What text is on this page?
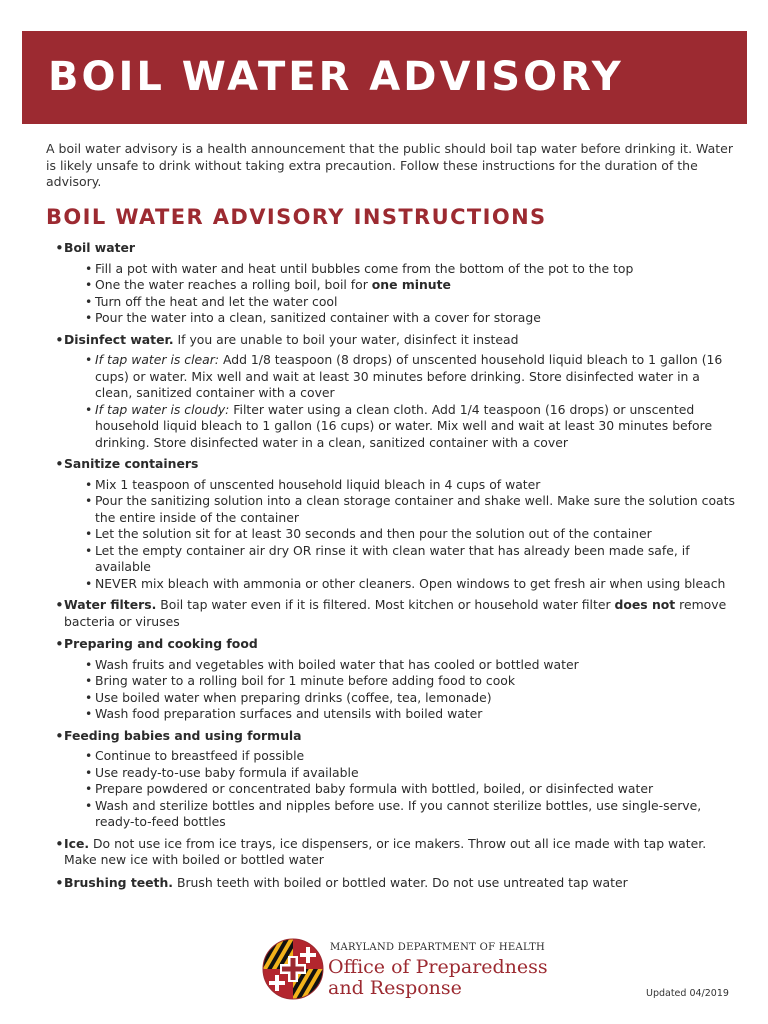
BOIL WATER ADVISORY

A boil water advisory is a health announcement that the public should boil tap water before drinking it. Water is likely unsafe to drink without taking extra precaution. Follow these instructions for the duration of the advisory.

BOIL WATER ADVISORY INSTRUCTIONS
• Boil water
• Fill a pot with water and heat until bubbles come from the bottom of the pot to the top
• One the water reaches a rolling boil, boil for one minute
• Turn off the heat and let the water cool
• Pour the water into a clean, sanitized container with a cover for storage
• Disinfect water. If you are unable to boil your water, disinfect it instead
• If tap water is clear: Add 1/8 teaspoon (8 drops) of unscented household liquid bleach to 1 gallon (16 cups) or water. Mix well and wait at least 30 minutes before drinking. Store disinfected water in a clean, sanitized container with a cover
• If tap water is cloudy: Filter water using a clean cloth. Add 1/4 teaspoon (16 drops) or unscented household liquid bleach to 1 gallon (16 cups) or water. Mix well and wait at least 30 minutes before drinking. Store disinfected water in a clean, sanitized container with a cover
• Sanitize containers
• Mix 1 teaspoon of unscented household liquid bleach in 4 cups of water
• Pour the sanitizing solution into a clean storage container and shake well. Make sure the solution coats the entire inside of the container
• Let the solution sit for at least 30 seconds and then pour the solution out of the container
• Let the empty container air dry OR rinse it with clean water that has already been made safe, if available
• NEVER mix bleach with ammonia or other cleaners. Open windows to get fresh air when using bleach
• Water filters. Boil tap water even if it is filtered. Most kitchen or household water filter does not remove bacteria or viruses
• Preparing and cooking food
• Wash fruits and vegetables with boiled water that has cooled or bottled water
• Bring water to a rolling boil for 1 minute before adding food to cook
• Use boiled water when preparing drinks (coffee, tea, lemonade)
• Wash food preparation surfaces and utensils with boiled water
• Feeding babies and using formula
• Continue to breastfeed if possible
• Use ready-to-use baby formula if available
• Prepare powdered or concentrated baby formula with bottled, boiled, or disinfected water
• Wash and sterilize bottles and nipples before use. If you cannot sterilize bottles, use single-serve, ready-to-feed bottles
• Ice. Do not use ice from ice trays, ice dispensers, or ice makers. Throw out all ice made with tap water. Make new ice with boiled or bottled water
• Brushing teeth. Brush teeth with boiled or bottled water. Do not use untreated tap water
MARYLAND DEPARTMENT OF HEALTH
Office of Preparedness
and Response	Updated 04/2019
